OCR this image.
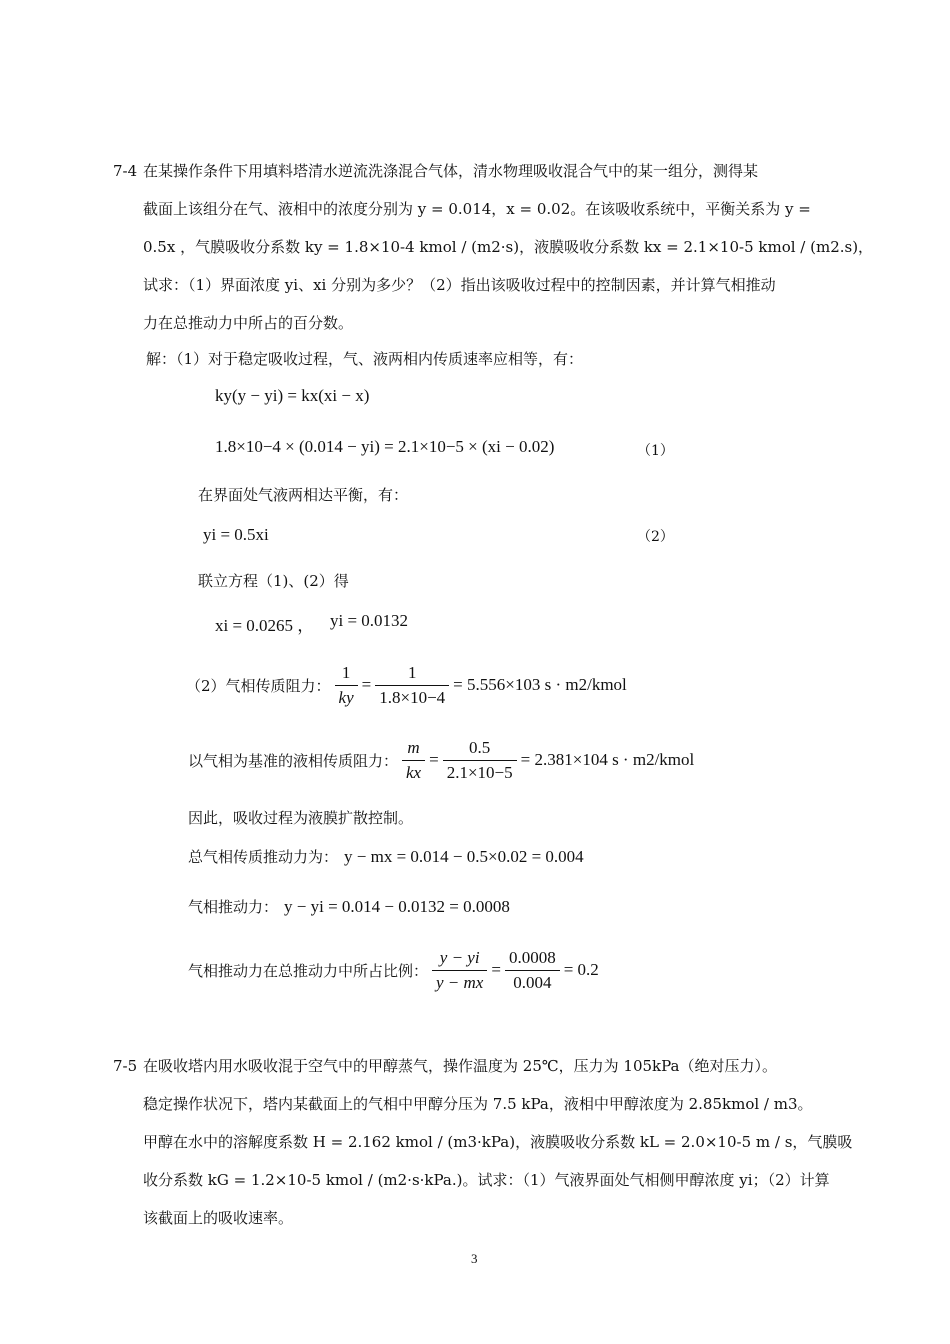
7-4 在某操作条件下用填料塔清水逆流洗涤混合气体，清水物理吸收混合气中的某一组分，测得某
截面上该组分在气、液相中的浓度分别为 y = 0.014，x = 0.02。在该吸收系统中，平衡关系为 y =
0.5x ，气膜吸收分系数 ky = 1.8×10-4 kmol / (m2·s)，液膜吸收分系数 kx = 2.1×10-5 kmol / (m2.s)，
试求：（1）界面浓度 yi、xi 分别为多少？（2）指出该吸收过程中的控制因素，并计算气相推动
力在总推动力中所占的百分数。
解：（1）对于稳定吸收过程，气、液两相内传质速率应相等，有：
ky(y − yi) = kx(xi − x)
1.8×10−4 × (0.014 − yi) = 2.1×10−5 × (xi − 0.02)	（1）
在界面处气液两相达平衡，有：
yi = 0.5xi	（2）
联立方程（1)、(2）得
xi = 0.0265 ， yi = 0.0132
（2）气相传质阻力： $\frac{1}{ky} = \frac{1}{1.8\times 10-4} = 5.556\times 103$ s · m2/kmol
以气相为基准的液相传质阻力： $\frac{m}{kx} = \frac{0.5}{2.1\times 10-5} = 2.381\times 104$ s · m2/kmol
因此，吸收过程为液膜扩散控制。
总气相传质推动力为： y − mx = 0.014 − 0.5×0.02 = 0.004
气相推动力： y − yi = 0.014 − 0.0132 = 0.0008
气相推动力在总推动力中所占比例： $\frac{y - yi}{y - mx} = \frac{0.0008}{0.004} = 0.2$
7-5 在吸收塔内用水吸收混于空气中的甲醇蒸气，操作温度为 25℃，压力为 105kPa（绝对压力）。
稳定操作状况下，塔内某截面上的气相中甲醇分压为 7.5 kPa，液相中甲醇浓度为 2.85kmol / m3。
甲醇在水中的溶解度系数 H = 2.162 kmol / (m3·kPa)，液膜吸收分系数 kL = 2.0×10-5 m / s，气膜吸
收分系数 kG = 1.2×10-5 kmol / (m2·s·kPa.)。试求：（1）气液界面处气相侧甲醇浓度 yi；（2）计算
该截面上的吸收速率。
3
